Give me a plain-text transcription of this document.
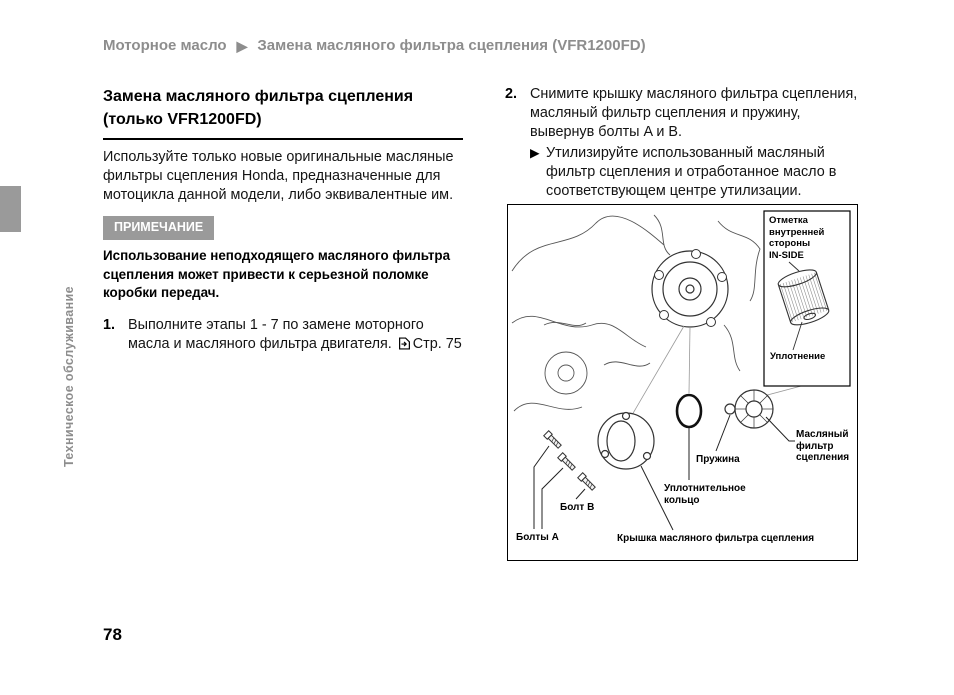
Моторное масло ▶ Замена масляного фильтра сцепления (VFR1200FD)
Техническое обслуживание
78
Замена масляного фильтра сцепления
(только VFR1200FD)

Используйте только новые оригинальные масляные фильтры сцепления Honda, предназначенные для мотоцикла данной модели, либо эквивалентные им.

ПРИМЕЧАНИЕ

Использование неподходящего масляного фильтра сцепления может привести к серьезной поломке коробки передач.

1. Выполните этапы 1 - 7 по замене моторного масла и масляного фильтра двигателя. Стр. 75
2. Снимите крышку масляного фильтра сцепления, масляный фильтр сцепления и пружину, вывернув болты A и B.
▶ Утилизируйте использованный масляный фильтр сцепления и отработанное масло в соответствующем центре утилизации.
Отметка
внутренней
стороны
IN-SIDE
Уплотнение
Масляный
фильтр
сцепления
Пружина
Уплотнительное
кольцо
Болт B
Болты A	Крышка масляного фильтра сцепления
